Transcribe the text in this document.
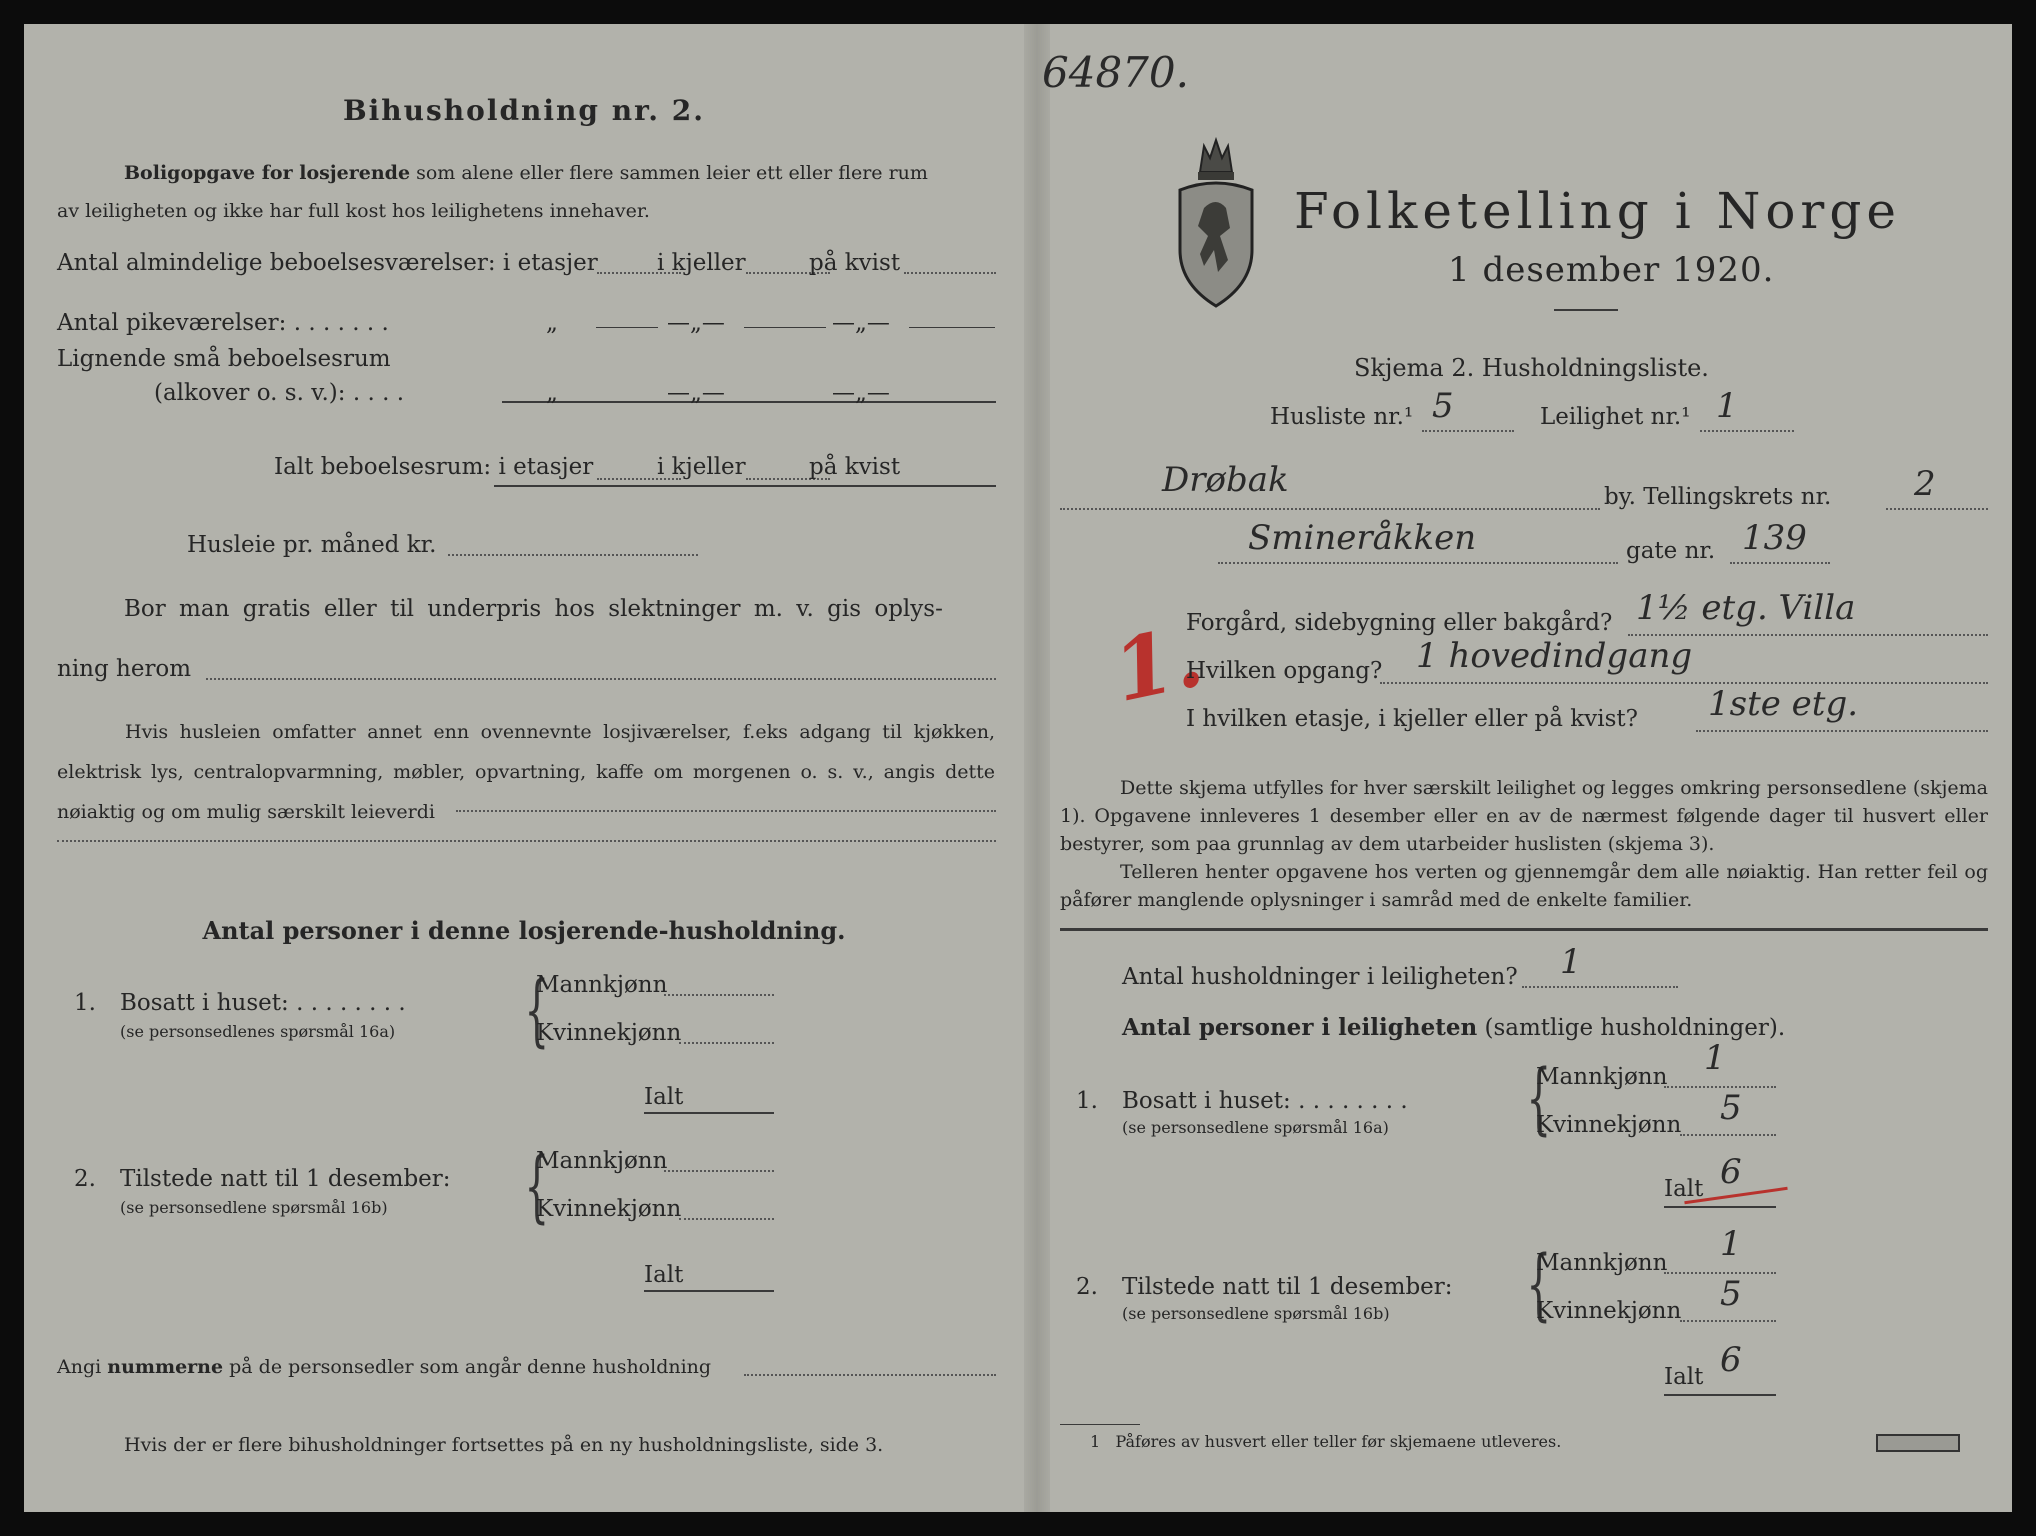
Bihusholdning nr. 2.
Boligopgave for losjerende som alene eller flere sammen leier ett eller flere rum
av leiligheten og ikke har full kost hos leilighetens innehaver.
Antal almindelige beboelsesværelser: i etasjer	i kjeller	på kvist
Antal pikeværelser: . . . . . . .	„	—„—	—„—
Lignende små beboelsesrum
(alkover o. s. v.): . . . .	„	—„—	—„—
Ialt beboelsesrum: i etasjer	i kjeller	på kvist
Husleie pr. måned kr.
Bor man gratis eller til underpris hos slektninger m. v. gis oplys-
ning herom
Hvis husleien omfatter annet enn ovennevnte losjiværelser, f.eks adgang til kjøkken, elektrisk lys, centralopvarmning, møbler, opvartning, kaffe om morgenen o. s. v., angis dette nøiaktig og om mulig særskilt leieverdi
Antal personer i denne losjerende-husholdning.
1. Bosatt i huset: . . . . . . . .
(se personsedlenes spørsmål 16a) {
Mannkjønn
Kvinnekjønn
Ialt
2. Tilstede natt til 1 desember:
(se personsedlene spørsmål 16b) {
Mannkjønn
Kvinnekjønn
Ialt
Angi nummerne på de personsedler som angår denne husholdning
Hvis der er flere bihusholdninger fortsettes på en ny husholdningsliste, side 3.
64870.
Folketelling i Norge
1 desember 1920.
Skjema 2. Husholdningsliste.
Husliste nr.¹ 5	Leilighet nr.¹ 1
Drøbak	by. Tellingskrets nr. 2
Smineråkken	gate nr. 139
1.
Forgård, sidebygning eller bakgård? 1½ etg. Villa
Hvilken opgang? 1 hovedindgang
I hvilken etasje, i kjeller eller på kvist? 1ste etg.
Dette skjema utfylles for hver særskilt leilighet og legges omkring personsedlene (skjema 1). Opgavene innleveres 1 desember eller en av de nærmest følgende dager til husvert eller bestyrer, som paa grunnlag av dem utarbeider huslisten (skjema 3).
Telleren henter opgavene hos verten og gjennemgår dem alle nøiaktig. Han retter feil og påfører manglende oplysninger i samråd med de enkelte familier.
Antal husholdninger i leiligheten? 1
Antal personer i leiligheten (samtlige husholdninger).
1. Bosatt i huset: . . . . . . . .
(se personsedlene spørsmål 16a) {
Mannkjønn 1
Kvinnekjønn 5
Ialt 6
2. Tilstede natt til 1 desember:
(se personsedlene spørsmål 16b) {
Mannkjønn 1
Kvinnekjønn 5
Ialt 6
1 Påføres av husvert eller teller før skjemaene utleveres.
